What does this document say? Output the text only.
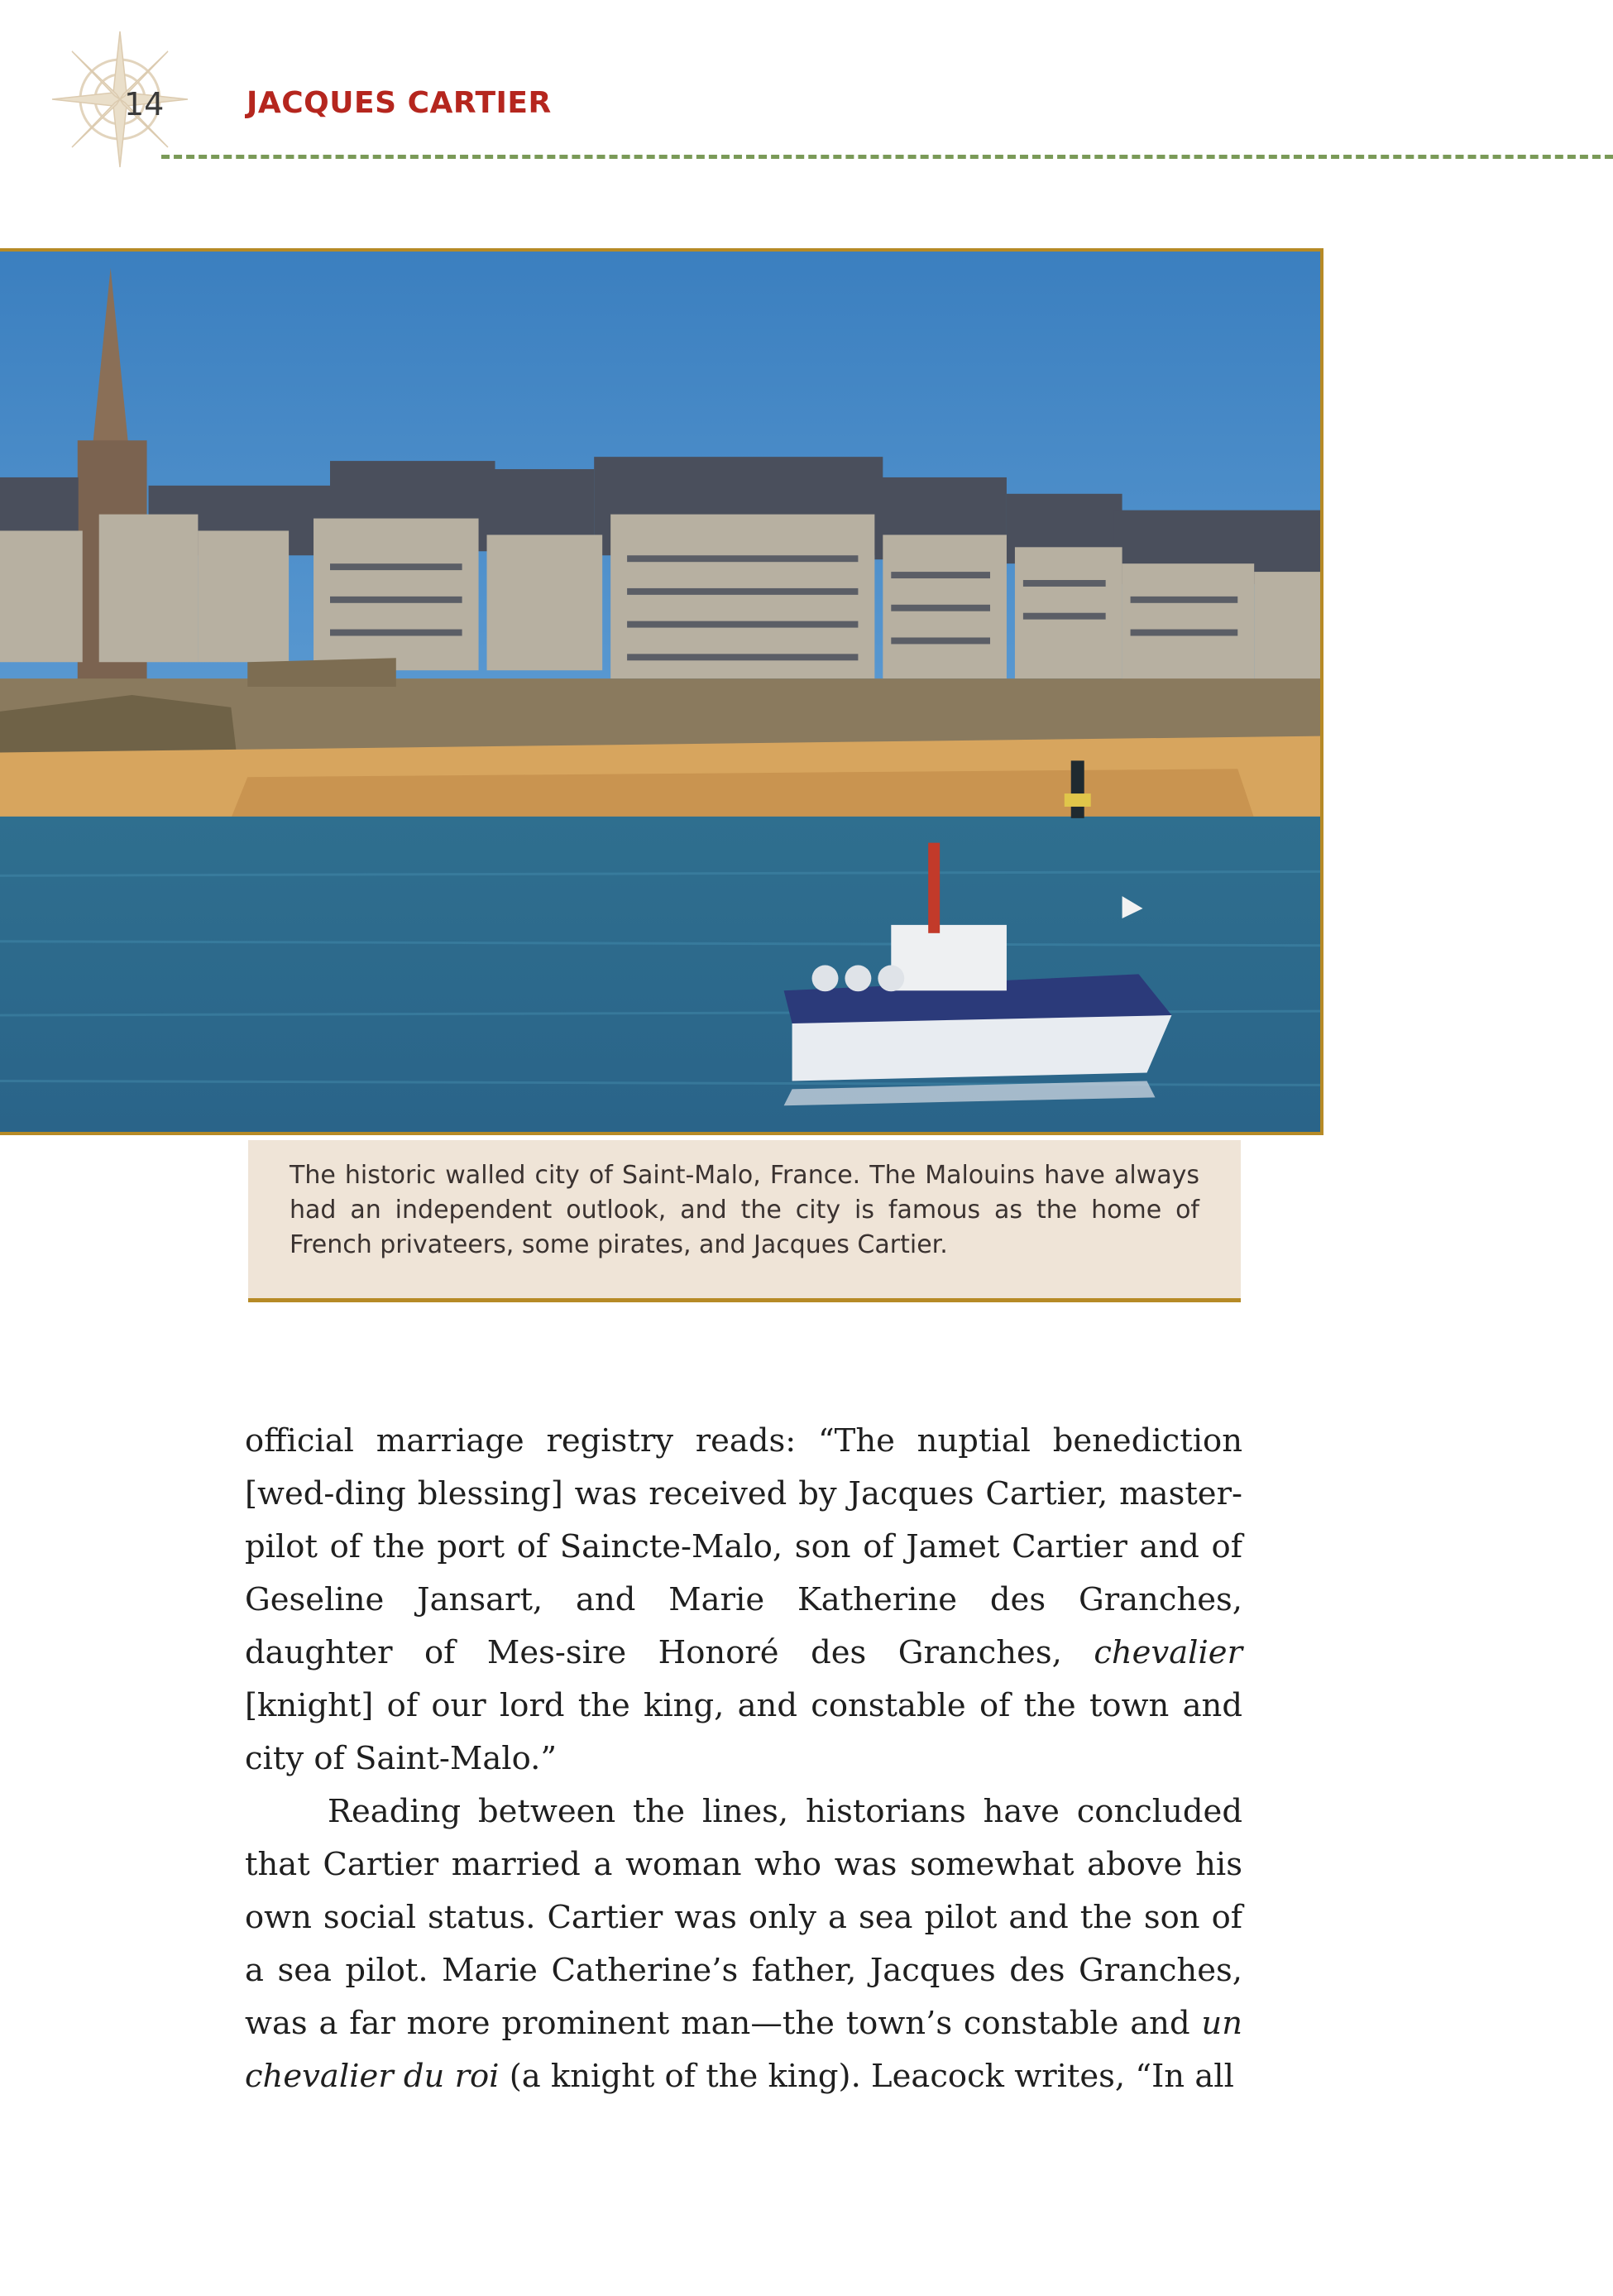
14	JACQUES CARTIER

The historic walled city of Saint-Malo, France. The Malouins have always had an independent outlook, and the city is famous as the home of French privateers, some pirates, and Jacques Cartier.

official marriage registry reads: “The nuptial benediction [wed-ding blessing] was received by Jacques Cartier, master-pilot of the port of Saincte-Malo, son of Jamet Cartier and of Geseline Jansart, and Marie Katherine des Granches, daughter of Mes-sire Honoré des Granches, chevalier [knight] of our lord the king, and constable of the town and city of Saint-Malo.”

Reading between the lines, historians have concluded that Cartier married a woman who was somewhat above his own social status. Cartier was only a sea pilot and the son of a sea pilot. Marie Catherine’s father, Jacques des Granches, was a far more prominent man—the town’s constable and un chevalier du roi (a knight of the king). Leacock writes, “In all
